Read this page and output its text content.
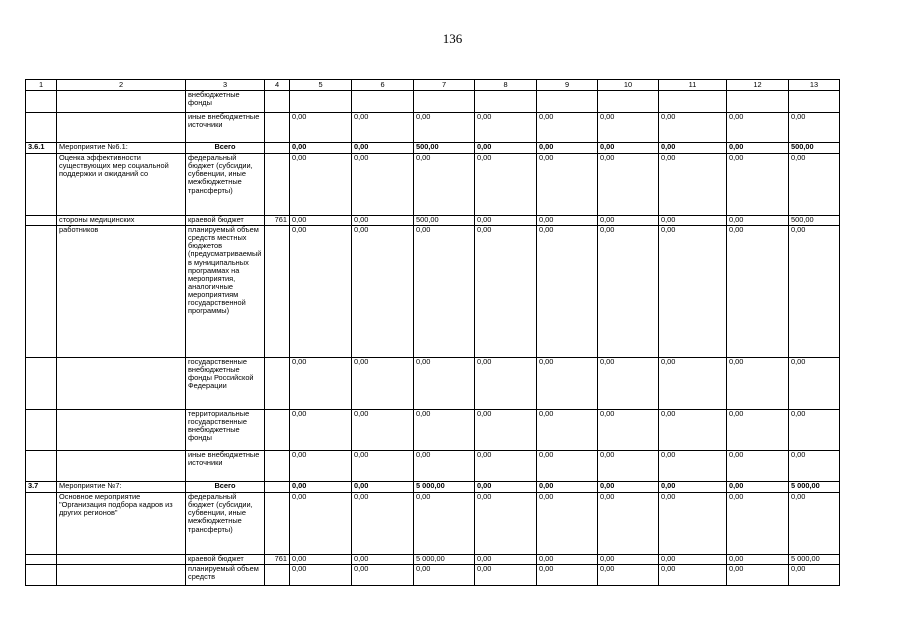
136
1	2	3	4	5	6	7	8	9	10	11	12	13
		внебюджетные фонды										
		иные внебюджетные источники		0,00	0,00	0,00	0,00	0,00	0,00	0,00	0,00	0,00
3.6.1	Мероприятие №6.1:	Всего		0,00	0,00	500,00	0,00	0,00	0,00	0,00	0,00	500,00
	Оценка эффективности существующих мер социальной поддержки и ожиданий со	федеральный бюджет (субсидии, субвенции, иные межбюджетные трансферты)		0,00	0,00	0,00	0,00	0,00	0,00	0,00	0,00	0,00
	стороны медицинских	краевой бюджет	761	0,00	0,00	500,00	0,00	0,00	0,00	0,00	0,00	500,00
	работников	планируемый объем средств местных бюджетов (предусматриваемый в муниципальных программах на мероприятия, аналогичные мероприятиям государственной программы)		0,00	0,00	0,00	0,00	0,00	0,00	0,00	0,00	0,00
		государственные внебюджетные фонды Российской Федерации		0,00	0,00	0,00	0,00	0,00	0,00	0,00	0,00	0,00
		территориальные государственные внебюджетные фонды		0,00	0,00	0,00	0,00	0,00	0,00	0,00	0,00	0,00
		иные внебюджетные источники		0,00	0,00	0,00	0,00	0,00	0,00	0,00	0,00	0,00
3.7	Мероприятие №7:	Всего		0,00	0,00	5 000,00	0,00	0,00	0,00	0,00	0,00	5 000,00
	Основное мероприятие "Организация подбора кадров из других регионов"	федеральный бюджет (субсидии, субвенции, иные межбюджетные трансферты)		0,00	0,00	0,00	0,00	0,00	0,00	0,00	0,00	0,00
		краевой бюджет	761	0,00	0,00	5 000,00	0,00	0,00	0,00	0,00	0,00	5 000,00
		планируемый объем средств		0,00	0,00	0,00	0,00	0,00	0,00	0,00	0,00	0,00
